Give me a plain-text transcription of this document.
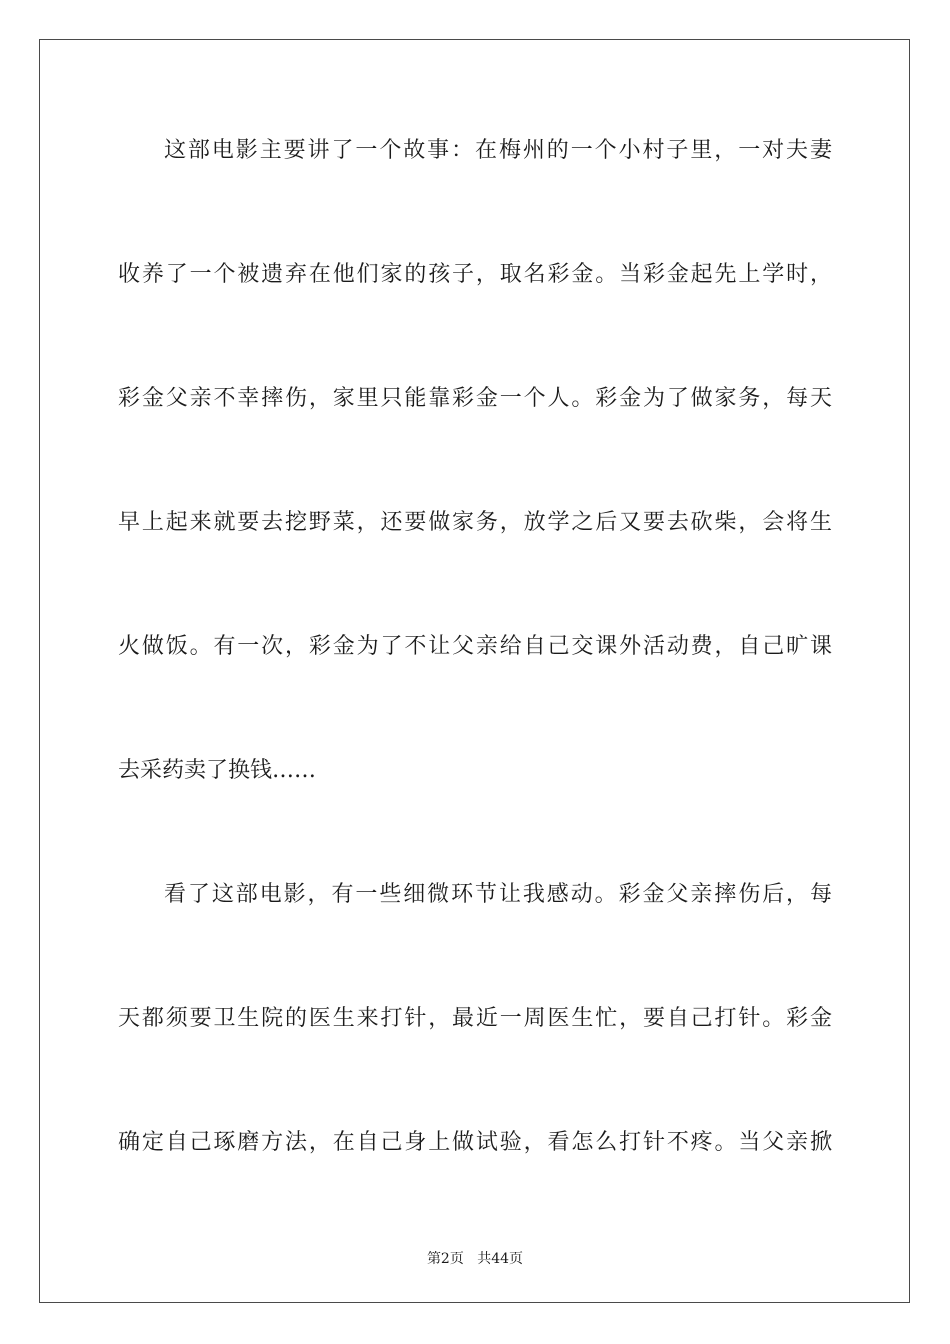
这部电影主要讲了一个故事：在梅州的一个小村子里，一对夫妻
收养了一个被遗弃在他们家的孩子，取名彩金。当彩金起先上学时，
彩金父亲不幸摔伤，家里只能靠彩金一个人。彩金为了做家务，每天
早上起来就要去挖野菜，还要做家务，放学之后又要去砍柴，会将生
火做饭。有一次，彩金为了不让父亲给自己交课外活动费，自己旷课
去采药卖了换钱……
看了这部电影，有一些细微环节让我感动。彩金父亲摔伤后，每
天都须要卫生院的医生来打针，最近一周医生忙，要自己打针。彩金
确定自己琢磨方法，在自己身上做试验，看怎么打针不疼。当父亲掀
第2页 共44页
